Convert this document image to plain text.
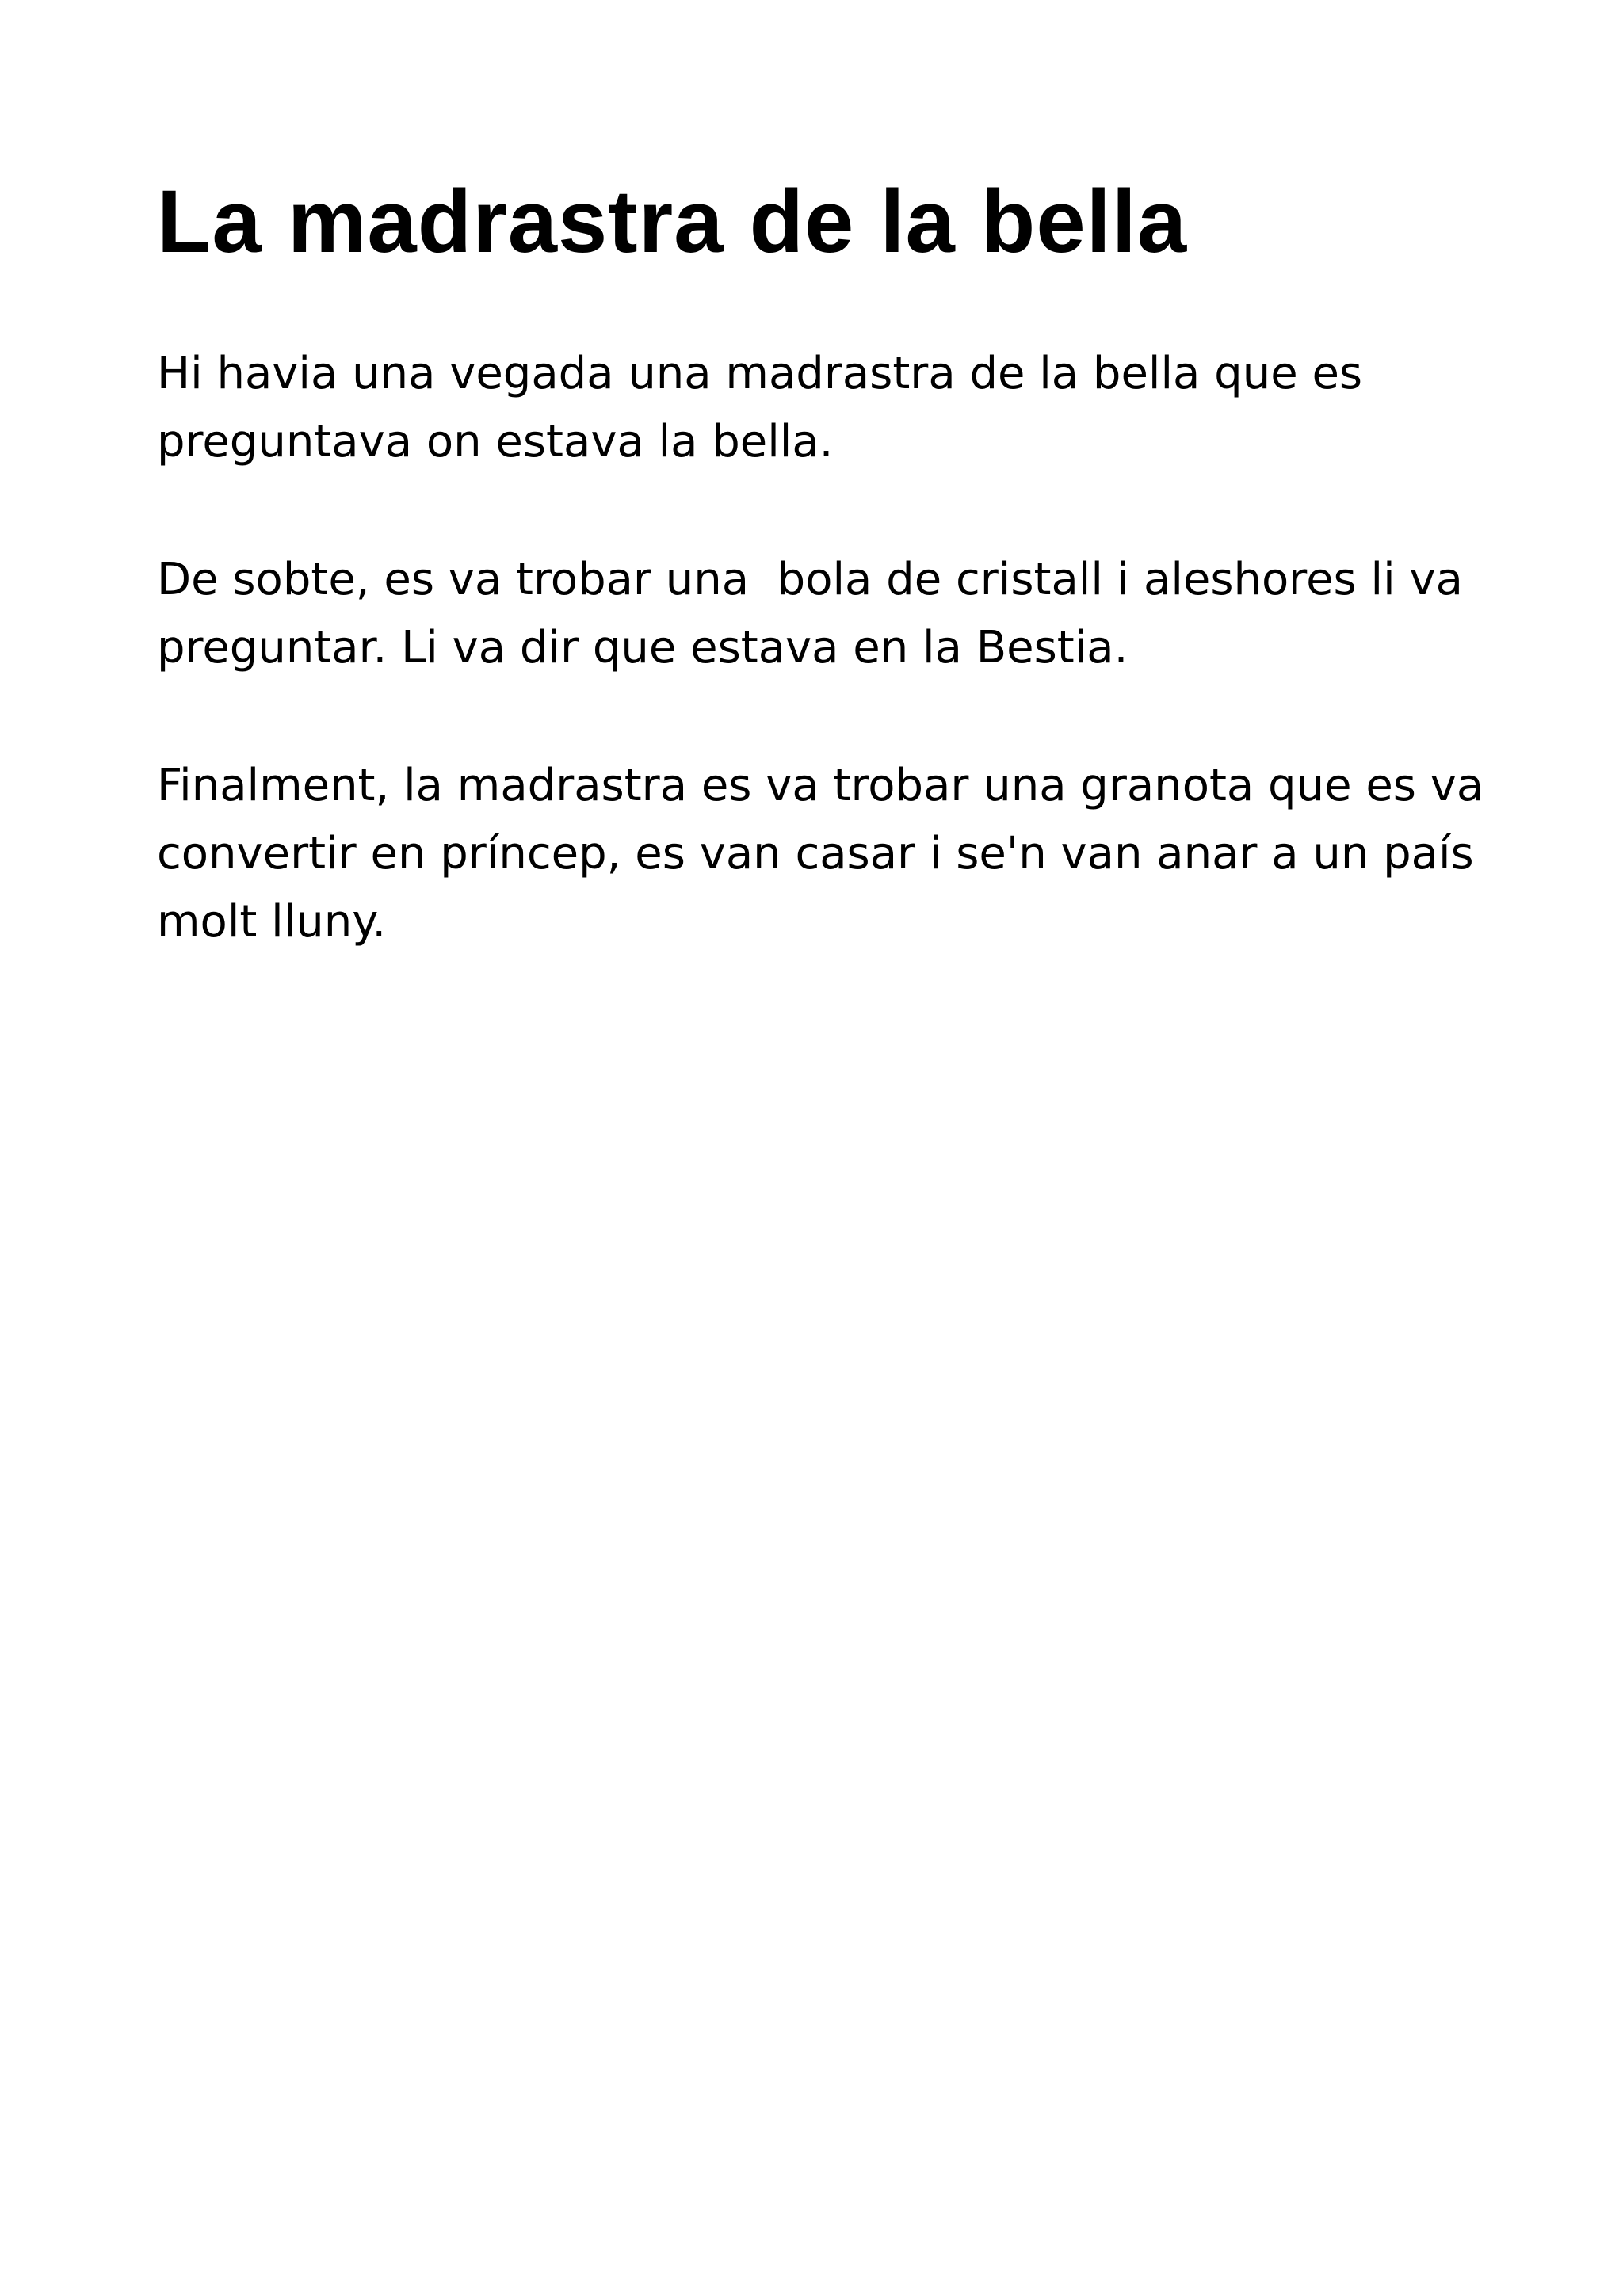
La madrastra de la bella

Hi havia una vegada una madrastra de la bella que es preguntava on estava la bella.

De sobte, es va trobar una  bola de cristall i aleshores li va preguntar. Li va dir que estava en la Bestia.

Finalment, la madrastra es va trobar una granota que es va convertir en príncep, es van casar i se'n van anar a un país molt lluny.
